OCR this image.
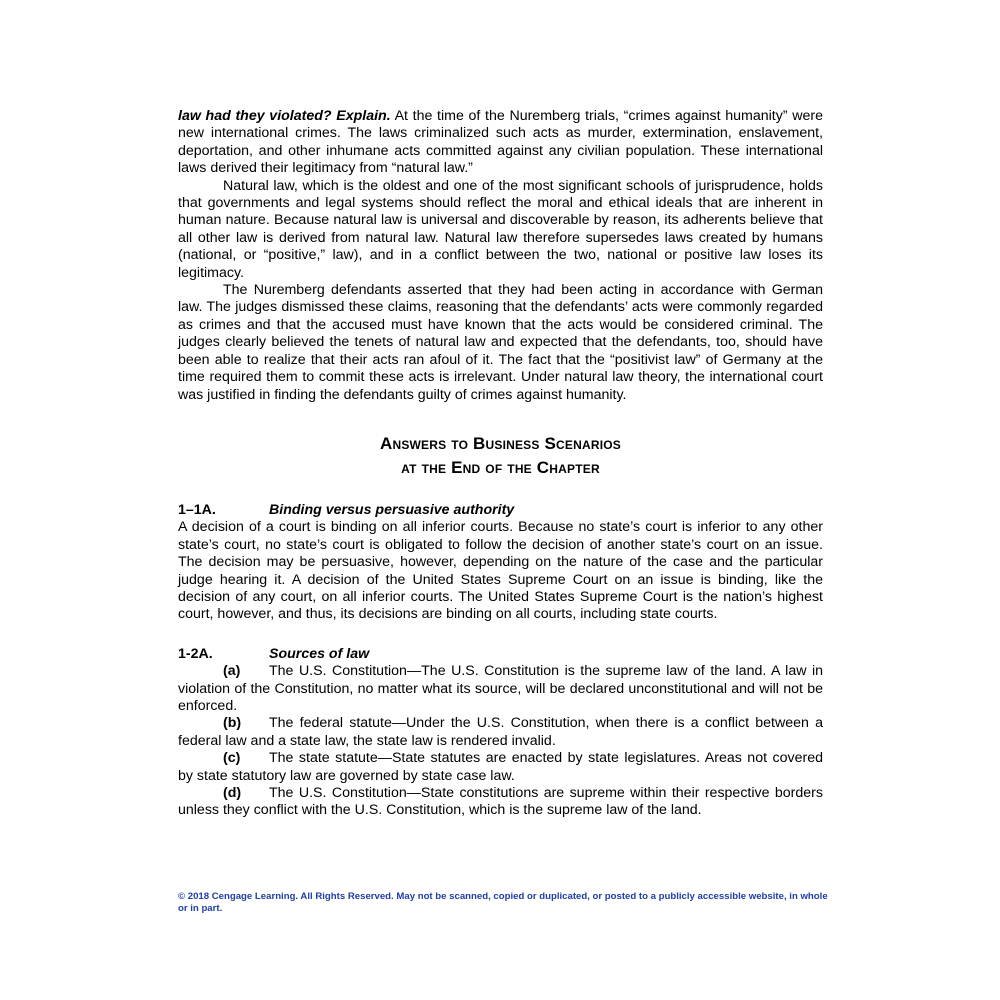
law had they violated? Explain. At the time of the Nuremberg trials, “crimes against humanity” were new international crimes. The laws criminalized such acts as murder, extermination, enslavement, deportation, and other inhumane acts committed against any civilian population. These international laws derived their legitimacy from “natural law.”

Natural law, which is the oldest and one of the most significant schools of jurisprudence, holds that governments and legal systems should reflect the moral and ethical ideals that are inherent in human nature. Because natural law is universal and discoverable by reason, its adherents believe that all other law is derived from natural law. Natural law therefore supersedes laws created by humans (national, or “positive,” law), and in a conflict between the two, national or positive law loses its legitimacy.

The Nuremberg defendants asserted that they had been acting in accordance with German law. The judges dismissed these claims, reasoning that the defendants’ acts were commonly regarded as crimes and that the accused must have known that the acts would be considered criminal. The judges clearly believed the tenets of natural law and expected that the defendants, too, should have been able to realize that their acts ran afoul of it. The fact that the “positivist law” of Germany at the time required them to commit these acts is irrelevant. Under natural law theory, the international court was justified in finding the defendants guilty of crimes against humanity.

Answers to Business Scenarios
at the End of the Chapter
1–1A.	Binding versus persuasive authority

A decision of a court is binding on all inferior courts. Because no state’s court is inferior to any other state’s court, no state’s court is obligated to follow the decision of another state’s court on an issue. The decision may be persuasive, however, depending on the nature of the case and the particular judge hearing it. A decision of the United States Supreme Court on an issue is binding, like the decision of any court, on all inferior courts. The United States Supreme Court is the nation’s highest court, however, and thus, its decisions are binding on all courts, including state courts.

1-2A.	Sources of law

(a) The U.S. Constitution—The U.S. Constitution is the supreme law of the land. A law in violation of the Constitution, no matter what its source, will be declared unconstitutional and will not be enforced.

(b) The federal statute—Under the U.S. Constitution, when there is a conflict between a federal law and a state law, the state law is rendered invalid.

(c) The state statute—State statutes are enacted by state legislatures. Areas not covered by state statutory law are governed by state case law.

(d) The U.S. Constitution—State constitutions are supreme within their respective borders unless they conflict with the U.S. Constitution, which is the supreme law of the land.

© 2018 Cengage Learning. All Rights Reserved. May not be scanned, copied or duplicated, or posted to a publicly accessible website, in whole or in part.
